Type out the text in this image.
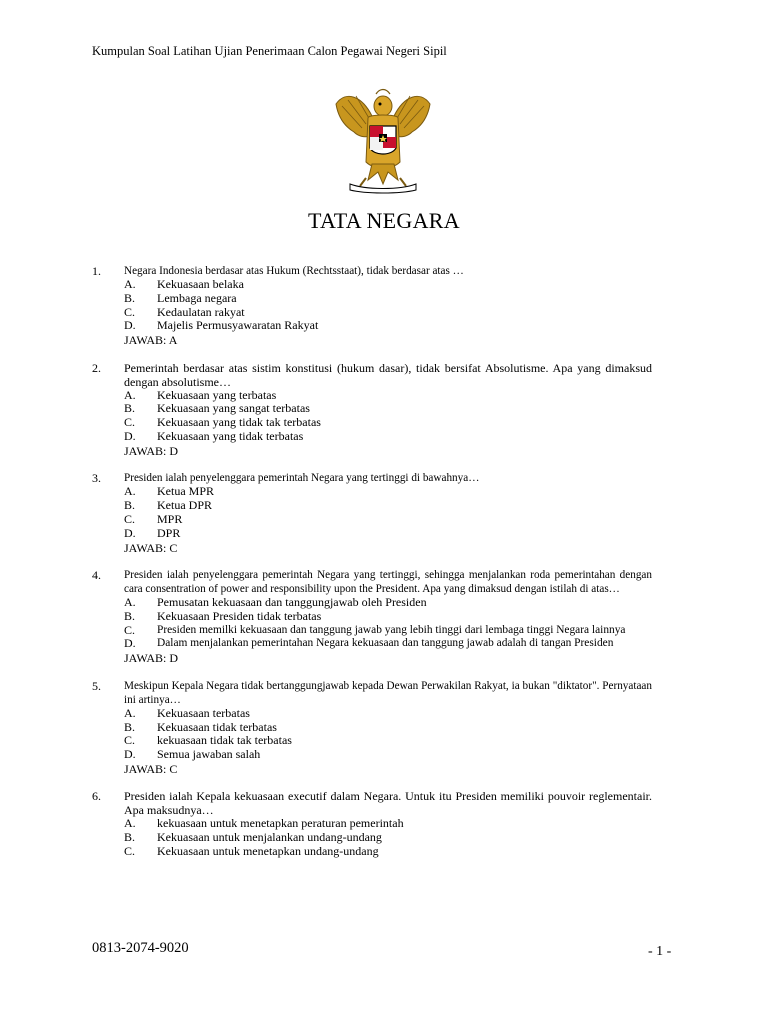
Kumpulan Soal Latihan Ujian Penerimaan Calon Pegawai Negeri Sipil
TATA NEGARA
1.	Negara Indonesia berdasar atas Hukum (Rechtsstaat), tidak berdasar atas …
A.	Kekuasaan belaka
B.	Lembaga negara
C.	Kedaulatan rakyat
D.	Majelis Permusyawaratan Rakyat
JAWAB: A
2.	Pemerintah berdasar atas sistim konstitusi (hukum dasar), tidak bersifat Absolutisme. Apa yang dimaksud dengan absolutisme…
A.	Kekuasaan yang terbatas
B.	Kekuasaan yang sangat terbatas
C.	Kekuasaan yang tidak tak terbatas
D.	Kekuasaan yang tidak terbatas
JAWAB: D
3.	Presiden ialah penyelenggara pemerintah Negara yang tertinggi di bawahnya…
A.	Ketua MPR
B.	Ketua DPR
C.	MPR
D.	DPR
JAWAB: C
4.	Presiden ialah penyelenggara pemerintah Negara yang tertinggi, sehingga menjalankan roda pemerintahan dengan cara consentration of power and responsibility upon the President. Apa yang dimaksud dengan istilah di atas…
A.	Pemusatan kekuasaan dan tanggungjawab oleh Presiden
B.	Kekuasaan Presiden tidak terbatas
C.	Presiden memilki kekuasaan dan tanggung jawab yang lebih tinggi dari lembaga tinggi Negara lainnya
D.	Dalam menjalankan pemerintahan Negara kekuasaan dan tanggung jawab adalah di tangan Presiden
JAWAB: D
5.	Meskipun Kepala Negara tidak bertanggungjawab kepada Dewan Perwakilan Rakyat, ia bukan "diktator". Pernyataan ini artinya…
A.	Kekuasaan terbatas
B.	Kekuasaan tidak terbatas
C.	kekuasaan tidak tak terbatas
D.	Semua jawaban salah
JAWAB: C
6.	Presiden ialah Kepala kekuasaan executif dalam Negara. Untuk itu Presiden memiliki pouvoir reglementair. Apa maksudnya…
A.	kekuasaan untuk menetapkan peraturan pemerintah
B.	Kekuasaan untuk menjalankan undang-undang
C.	Kekuasaan untuk menetapkan undang-undang
0813-2074-9020	- 1 -
